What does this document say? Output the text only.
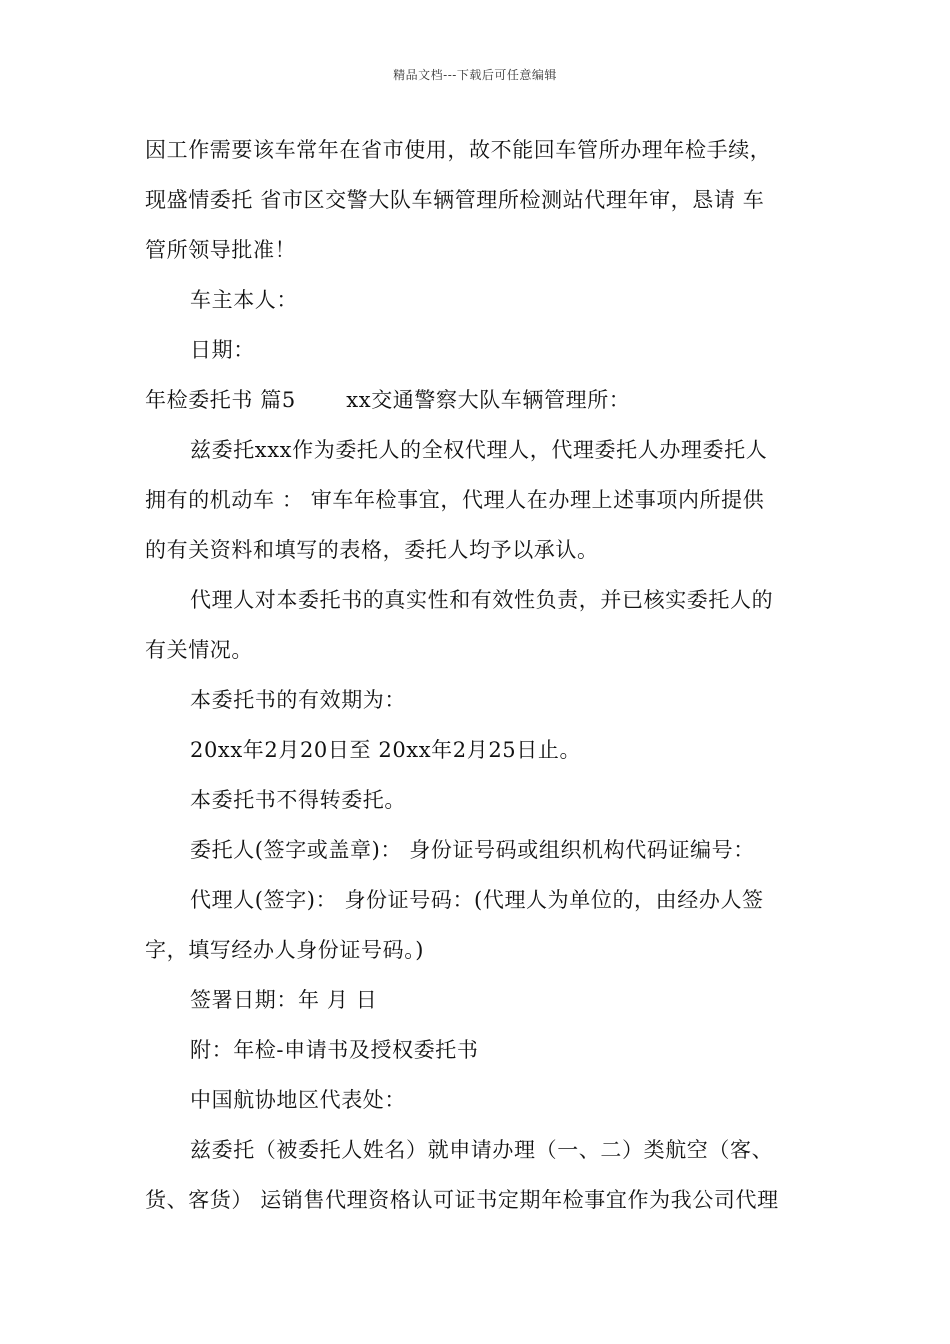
精品文档---下载后可任意编辑
因工作需要该车常年在省市使用，故不能回车管所办理年检手续，
现盛情委托 省市区交警大队车辆管理所检测站代理年审，恳请 车
管所领导批准！
车主本人：
日期：
年检委托书 篇5　　 xx交通警察大队车辆管理所：
兹委托xxx作为委托人的全权代理人，代理委托人办理委托人
拥有的机动车 ： 审车年检事宜，代理人在办理上述事项内所提供
的有关资料和填写的表格，委托人均予以承认。
代理人对本委托书的真实性和有效性负责，并已核实委托人的
有关情况。
本委托书的有效期为：
20xx年2月20日至 20xx年2月25日止。
本委托书不得转委托。
委托人(签字或盖章)： 身份证号码或组织机构代码证编号：
代理人(签字)： 身份证号码：(代理人为单位的，由经办人签
字，填写经办人身份证号码。)
签署日期：年 月 日
附：年检-申请书及授权委托书
中国航协地区代表处：
兹委托（被委托人姓名）就申请办理（一、二）类航空（客、
货、客货） 运销售代理资格认可证书定期年检事宜作为我公司代理
